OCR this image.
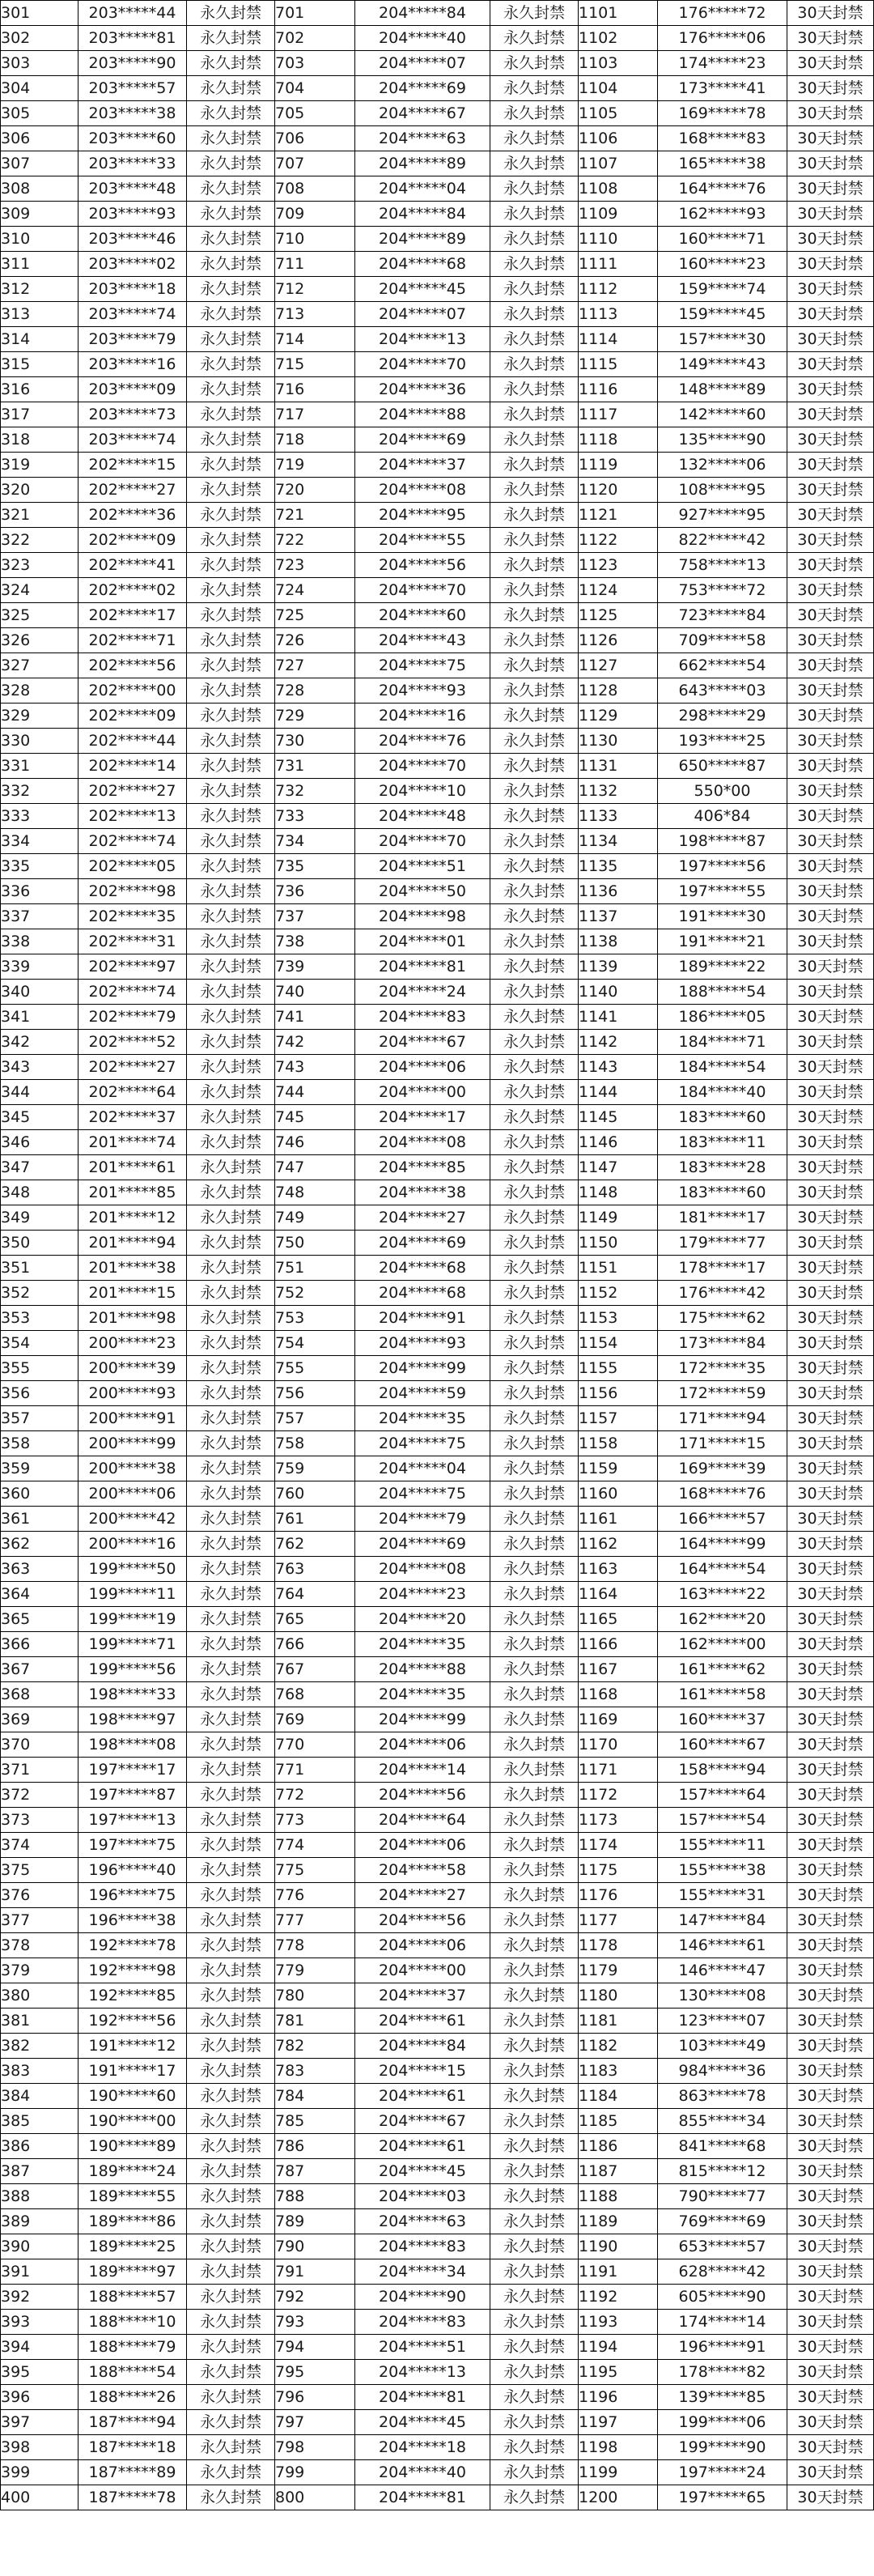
301	203*****44	永久封禁	701	204*****84	永久封禁	1101	176*****72	30天封禁
302	203*****81	永久封禁	702	204*****40	永久封禁	1102	176*****06	30天封禁
303	203*****90	永久封禁	703	204*****07	永久封禁	1103	174*****23	30天封禁
304	203*****57	永久封禁	704	204*****69	永久封禁	1104	173*****41	30天封禁
305	203*****38	永久封禁	705	204*****67	永久封禁	1105	169*****78	30天封禁
306	203*****60	永久封禁	706	204*****63	永久封禁	1106	168*****83	30天封禁
307	203*****33	永久封禁	707	204*****89	永久封禁	1107	165*****38	30天封禁
308	203*****48	永久封禁	708	204*****04	永久封禁	1108	164*****76	30天封禁
309	203*****93	永久封禁	709	204*****84	永久封禁	1109	162*****93	30天封禁
310	203*****46	永久封禁	710	204*****89	永久封禁	1110	160*****71	30天封禁
311	203*****02	永久封禁	711	204*****68	永久封禁	1111	160*****23	30天封禁
312	203*****18	永久封禁	712	204*****45	永久封禁	1112	159*****74	30天封禁
313	203*****74	永久封禁	713	204*****07	永久封禁	1113	159*****45	30天封禁
314	203*****79	永久封禁	714	204*****13	永久封禁	1114	157*****30	30天封禁
315	203*****16	永久封禁	715	204*****70	永久封禁	1115	149*****43	30天封禁
316	203*****09	永久封禁	716	204*****36	永久封禁	1116	148*****89	30天封禁
317	203*****73	永久封禁	717	204*****88	永久封禁	1117	142*****60	30天封禁
318	203*****74	永久封禁	718	204*****69	永久封禁	1118	135*****90	30天封禁
319	202*****15	永久封禁	719	204*****37	永久封禁	1119	132*****06	30天封禁
320	202*****27	永久封禁	720	204*****08	永久封禁	1120	108*****95	30天封禁
321	202*****36	永久封禁	721	204*****95	永久封禁	1121	927*****95	30天封禁
322	202*****09	永久封禁	722	204*****55	永久封禁	1122	822*****42	30天封禁
323	202*****41	永久封禁	723	204*****56	永久封禁	1123	758*****13	30天封禁
324	202*****02	永久封禁	724	204*****70	永久封禁	1124	753*****72	30天封禁
325	202*****17	永久封禁	725	204*****60	永久封禁	1125	723*****84	30天封禁
326	202*****71	永久封禁	726	204*****43	永久封禁	1126	709*****58	30天封禁
327	202*****56	永久封禁	727	204*****75	永久封禁	1127	662*****54	30天封禁
328	202*****00	永久封禁	728	204*****93	永久封禁	1128	643*****03	30天封禁
329	202*****09	永久封禁	729	204*****16	永久封禁	1129	298*****29	30天封禁
330	202*****44	永久封禁	730	204*****76	永久封禁	1130	193*****25	30天封禁
331	202*****14	永久封禁	731	204*****70	永久封禁	1131	650*****87	30天封禁
332	202*****27	永久封禁	732	204*****10	永久封禁	1132	550*00	30天封禁
333	202*****13	永久封禁	733	204*****48	永久封禁	1133	406*84	30天封禁
334	202*****74	永久封禁	734	204*****70	永久封禁	1134	198*****87	30天封禁
335	202*****05	永久封禁	735	204*****51	永久封禁	1135	197*****56	30天封禁
336	202*****98	永久封禁	736	204*****50	永久封禁	1136	197*****55	30天封禁
337	202*****35	永久封禁	737	204*****98	永久封禁	1137	191*****30	30天封禁
338	202*****31	永久封禁	738	204*****01	永久封禁	1138	191*****21	30天封禁
339	202*****97	永久封禁	739	204*****81	永久封禁	1139	189*****22	30天封禁
340	202*****74	永久封禁	740	204*****24	永久封禁	1140	188*****54	30天封禁
341	202*****79	永久封禁	741	204*****83	永久封禁	1141	186*****05	30天封禁
342	202*****52	永久封禁	742	204*****67	永久封禁	1142	184*****71	30天封禁
343	202*****27	永久封禁	743	204*****06	永久封禁	1143	184*****54	30天封禁
344	202*****64	永久封禁	744	204*****00	永久封禁	1144	184*****40	30天封禁
345	202*****37	永久封禁	745	204*****17	永久封禁	1145	183*****60	30天封禁
346	201*****74	永久封禁	746	204*****08	永久封禁	1146	183*****11	30天封禁
347	201*****61	永久封禁	747	204*****85	永久封禁	1147	183*****28	30天封禁
348	201*****85	永久封禁	748	204*****38	永久封禁	1148	183*****60	30天封禁
349	201*****12	永久封禁	749	204*****27	永久封禁	1149	181*****17	30天封禁
350	201*****94	永久封禁	750	204*****69	永久封禁	1150	179*****77	30天封禁
351	201*****38	永久封禁	751	204*****68	永久封禁	1151	178*****17	30天封禁
352	201*****15	永久封禁	752	204*****68	永久封禁	1152	176*****42	30天封禁
353	201*****98	永久封禁	753	204*****91	永久封禁	1153	175*****62	30天封禁
354	200*****23	永久封禁	754	204*****93	永久封禁	1154	173*****84	30天封禁
355	200*****39	永久封禁	755	204*****99	永久封禁	1155	172*****35	30天封禁
356	200*****93	永久封禁	756	204*****59	永久封禁	1156	172*****59	30天封禁
357	200*****91	永久封禁	757	204*****35	永久封禁	1157	171*****94	30天封禁
358	200*****99	永久封禁	758	204*****75	永久封禁	1158	171*****15	30天封禁
359	200*****38	永久封禁	759	204*****04	永久封禁	1159	169*****39	30天封禁
360	200*****06	永久封禁	760	204*****75	永久封禁	1160	168*****76	30天封禁
361	200*****42	永久封禁	761	204*****79	永久封禁	1161	166*****57	30天封禁
362	200*****16	永久封禁	762	204*****69	永久封禁	1162	164*****99	30天封禁
363	199*****50	永久封禁	763	204*****08	永久封禁	1163	164*****54	30天封禁
364	199*****11	永久封禁	764	204*****23	永久封禁	1164	163*****22	30天封禁
365	199*****19	永久封禁	765	204*****20	永久封禁	1165	162*****20	30天封禁
366	199*****71	永久封禁	766	204*****35	永久封禁	1166	162*****00	30天封禁
367	199*****56	永久封禁	767	204*****88	永久封禁	1167	161*****62	30天封禁
368	198*****33	永久封禁	768	204*****35	永久封禁	1168	161*****58	30天封禁
369	198*****97	永久封禁	769	204*****99	永久封禁	1169	160*****37	30天封禁
370	198*****08	永久封禁	770	204*****06	永久封禁	1170	160*****67	30天封禁
371	197*****17	永久封禁	771	204*****14	永久封禁	1171	158*****94	30天封禁
372	197*****87	永久封禁	772	204*****56	永久封禁	1172	157*****64	30天封禁
373	197*****13	永久封禁	773	204*****64	永久封禁	1173	157*****54	30天封禁
374	197*****75	永久封禁	774	204*****06	永久封禁	1174	155*****11	30天封禁
375	196*****40	永久封禁	775	204*****58	永久封禁	1175	155*****38	30天封禁
376	196*****75	永久封禁	776	204*****27	永久封禁	1176	155*****31	30天封禁
377	196*****38	永久封禁	777	204*****56	永久封禁	1177	147*****84	30天封禁
378	192*****78	永久封禁	778	204*****06	永久封禁	1178	146*****61	30天封禁
379	192*****98	永久封禁	779	204*****00	永久封禁	1179	146*****47	30天封禁
380	192*****85	永久封禁	780	204*****37	永久封禁	1180	130*****08	30天封禁
381	192*****56	永久封禁	781	204*****61	永久封禁	1181	123*****07	30天封禁
382	191*****12	永久封禁	782	204*****84	永久封禁	1182	103*****49	30天封禁
383	191*****17	永久封禁	783	204*****15	永久封禁	1183	984*****36	30天封禁
384	190*****60	永久封禁	784	204*****61	永久封禁	1184	863*****78	30天封禁
385	190*****00	永久封禁	785	204*****67	永久封禁	1185	855*****34	30天封禁
386	190*****89	永久封禁	786	204*****61	永久封禁	1186	841*****68	30天封禁
387	189*****24	永久封禁	787	204*****45	永久封禁	1187	815*****12	30天封禁
388	189*****55	永久封禁	788	204*****03	永久封禁	1188	790*****77	30天封禁
389	189*****86	永久封禁	789	204*****63	永久封禁	1189	769*****69	30天封禁
390	189*****25	永久封禁	790	204*****83	永久封禁	1190	653*****57	30天封禁
391	189*****97	永久封禁	791	204*****34	永久封禁	1191	628*****42	30天封禁
392	188*****57	永久封禁	792	204*****90	永久封禁	1192	605*****90	30天封禁
393	188*****10	永久封禁	793	204*****83	永久封禁	1193	174*****14	30天封禁
394	188*****79	永久封禁	794	204*****51	永久封禁	1194	196*****91	30天封禁
395	188*****54	永久封禁	795	204*****13	永久封禁	1195	178*****82	30天封禁
396	188*****26	永久封禁	796	204*****81	永久封禁	1196	139*****85	30天封禁
397	187*****94	永久封禁	797	204*****45	永久封禁	1197	199*****06	30天封禁
398	187*****18	永久封禁	798	204*****18	永久封禁	1198	199*****90	30天封禁
399	187*****89	永久封禁	799	204*****40	永久封禁	1199	197*****24	30天封禁
400	187*****78	永久封禁	800	204*****81	永久封禁	1200	197*****65	30天封禁
